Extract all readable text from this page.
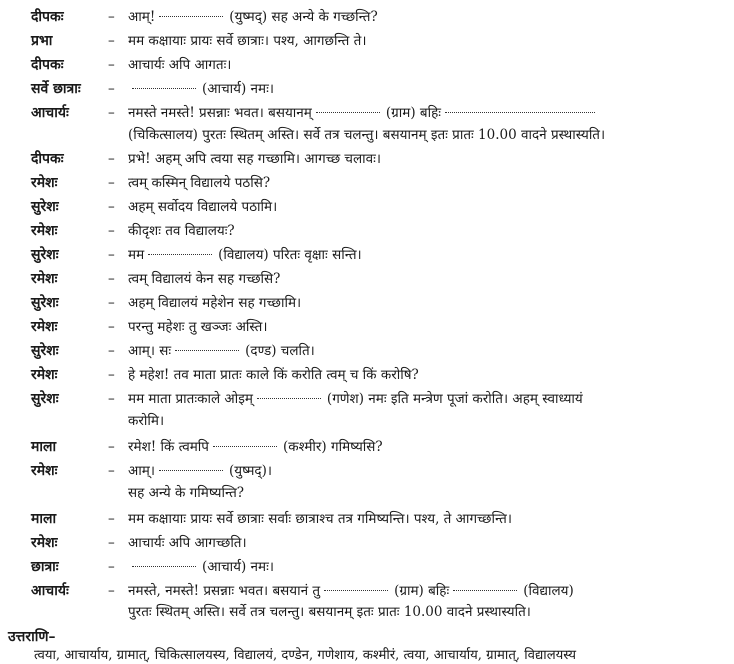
दीपकः	– आम्!	(युष्मद्) सह अन्ये के गच्छन्ति?
प्रभा	– मम कक्षायाः प्रायः सर्वे छात्राः। पश्य, आगछन्ति ते।
दीपकः	– आचार्यः अपि आगतः।
सर्वे छात्राः –	(आचार्य) नमः।
आचार्यः	– नमस्ते नमस्ते! प्रसन्नाः भवत। बसयानम्	(ग्राम) बहिः
(चिकित्सालय) पुरतः स्थितम् अस्ति। सर्वे तत्र चलन्तु। बसयानम् इतः प्रातः 10.00 वादने प्रस्थास्यति।
दीपकः	– प्रभे! अहम् अपि त्वया सह गच्छामि। आगच्छ चलावः।
रमेशः	– त्वम् कस्मिन् विद्यालये पठसि?
सुरेशः	– अहम् सर्वोदय विद्यालये पठामि।
रमेशः	– कीदृशः तव विद्यालयः?
सुरेशः	– मम	(विद्यालय) परितः वृक्षाः सन्ति।
रमेशः	– त्वम् विद्यालयं केन सह गच्छसि?
सुरेशः	– अहम् विद्यालयं महेशेन सह गच्छामि।
रमेशः	– परन्तु महेशः तु खञ्जः अस्ति।
सुरेशः	– आम्। सः	(दण्ड) चलति।
रमेशः	– हे महेश! तव माता प्रातः काले किं करोति त्वम् च किं करोषि?
सुरेशः	– मम माता प्रातःकाले ओइम्	(गणेश) नमः इति मन्त्रेण पूजां करोति। अहम् स्वाध्यायं
करोमि।
माला	– रमेश! किं त्वमपि	(कश्मीर) गमिष्यसि?
रमेशः	– आम्।	(युष्मद्)।
सह अन्ये के गमिष्यन्ति?
माला	– मम कक्षायाः प्रायः सर्वे छात्राः सर्वाः छात्राश्च तत्र गमिष्यन्ति। पश्य, ते आगच्छन्ति।
रमेशः	– आचार्यः अपि आगच्छति।
छात्राः	–	(आचार्य) नमः।
आचार्यः	– नमस्ते, नमस्ते! प्रसन्नाः भवत। बसयानं तु	(ग्राम) बहिः	(विद्यालय)
पुरतः स्थितम् अस्ति। सर्वे तत्र चलन्तु। बसयानम् इतः प्रातः 10.00 वादने प्रस्थास्यति।
उत्तराणि–
त्वया, आचार्याय, ग्रामात्, चिकित्सालयस्य, विद्यालयं, दण्डेन, गणेशाय, कश्मीरं, त्वया, आचार्याय, ग्रामात्, विद्यालयस्य
